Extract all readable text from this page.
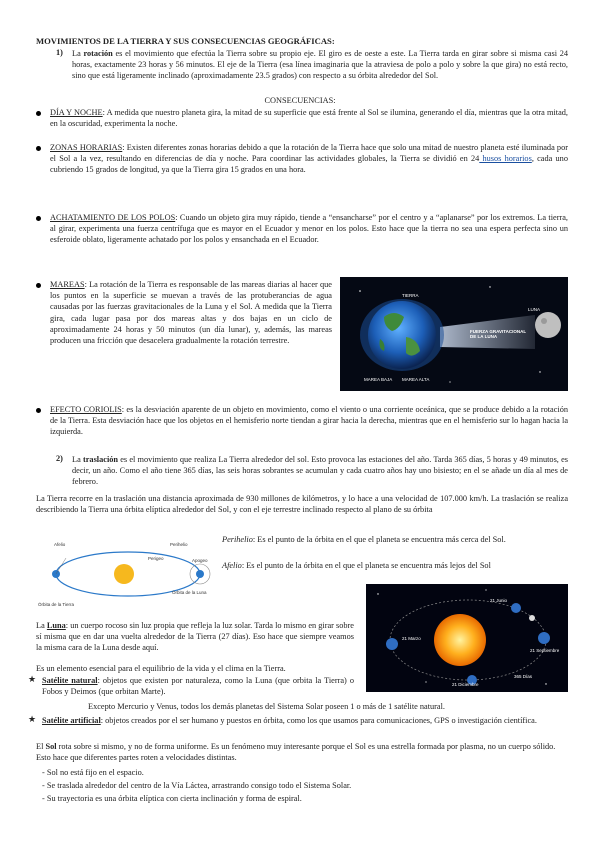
MOVIMIENTOS DE LA TIERRA Y SUS CONSECUENCIAS GEOGRÁFICAS:
1) La rotación es el movimiento que efectúa la Tierra sobre su propio eje. El giro es de oeste a este. La Tierra tarda en girar sobre si misma casi 24 horas, exactamente 23 horas y 56 minutos. El eje de la Tierra (esa línea imaginaria que la atraviesa de polo a polo y sobre la que gira) no está recto, sino que está ligeramente inclinado (aproximadamente 23.5 grados) con respecto a su órbita alrededor del Sol.
CONSECUENCIAS:
DÍA Y NOCHE: A medida que nuestro planeta gira, la mitad de su superficie que está frente al Sol se ilumina, generando el día, mientras que la otra mitad, en la oscuridad, experimenta la noche.
ZONAS HORARIAS: Existen diferentes zonas horarias debido a que la rotación de la Tierra hace que solo una mitad de nuestro planeta esté iluminada por el Sol a la vez, resultando en diferencias de día y noche. Para coordinar las actividades globales, la Tierra se dividió en 24 husos horarios, cada uno cubriendo 15 grados de longitud, ya que la Tierra gira 15 grados en una hora.
ACHATAMIENTO DE LOS POLOS: Cuando un objeto gira muy rápido, tiende a “ensancharse” por el centro y a “aplanarse” por los extremos. La tierra, al girar, experimenta una fuerza centrífuga que es mayor en el Ecuador y menor en los polos. Esto hace que la tierra no sea una espera perfecta sino un esferoide oblato, ligeramente achatado por los polos y ensanchada en el Ecuador.
MAREAS: La rotación de la Tierra es responsable de las mareas diarias al hacer que los puntos en la superficie se muevan a través de las protuberancias de agua causadas por las fuerzas gravitacionales de la Luna y el Sol. A medida que la Tierra gira, cada lugar pasa por dos mareas altas y dos bajas en un ciclo de aproximadamente 24 horas y 50 minutos (un día lunar), y, además, las mareas producen una fricción que desacelera gradualmente la rotación terrestre.
TIERRA
LUNA
FUERZA GRAVITACIONAL DE LA LUNA
MAREA BAJA MAREA ALTA
EFECTO CORIOLIS: es la desviación aparente de un objeto en movimiento, como el viento o una corriente oceánica, que se produce debido a la rotación de la Tierra. Esta desviación hace que los objetos en el hemisferio norte tiendan a girar hacia la derecha, mientras que en el hemisferio sur lo hagan hacia la izquierda.
2) La traslación es el movimiento que realiza La Tierra alrededor del sol. Esto provoca las estaciones del año. Tarda 365 días, 5 horas y 49 minutos, es decir, un año. Como el año tiene 365 días, las seis horas sobrantes se acumulan y cada cuatro años hay uno bisiesto; en el se añade un día al mes de febrero.
La Tierra recorre en la traslación una distancia aproximada de 930 millones de kilómetros, y lo hace a una velocidad de 107.000 km/h. La traslación se realiza describiendo la Tierra una órbita elíptica alrededor del Sol, y con el eje terrestre inclinado respecto al plano de su órbita
Afelio	Perihelio
Perigeo	Apogeo
Órbita de la Luna
Órbita de la Tierra
Perihelio: Es el punto de la órbita en el que el planeta se encuentra más cerca del Sol.
Afelio: Es el punto de la órbita en el que el planeta se encuentra más lejos del Sol
21 Marzo
21 Junio
21 Septiembre
21 Diciembre
365 Días
La Luna: un cuerpo rocoso sin luz propia que refleja la luz solar. Tarda lo mismo en girar sobre sí misma que en dar una vuelta alrededor de la Tierra (27 días). Eso hace que siempre veamos la misma cara de la Luna desde aquí.
Es un elemento esencial para el equilibrio de la vida y el clima en la Tierra.
★ Satélite natural: objetos que existen por naturaleza, como la Luna (que orbita la Tierra) o Fobos y Deimos (que orbitan Marte).
Excepto Mercurio y Venus, todos los demás planetas del Sistema Solar poseen 1 o más de 1 satélite natural.
★ Satélite artificial: objetos creados por el ser humano y puestos en órbita, como los que usamos para comunicaciones, GPS o investigación científica.
El Sol rota sobre si mismo, y no de forma uniforme. Es un fenómeno muy interesante porque el Sol es una estrella formada por plasma, no un cuerpo sólido. Esto hace que diferentes partes roten a velocidades distintas.
- Sol no está fijo en el espacio.
- Se traslada alrededor del centro de la Vía Láctea, arrastrando consigo todo el Sistema Solar.
- Su trayectoria es una órbita elíptica con cierta inclinación y forma de espiral.
